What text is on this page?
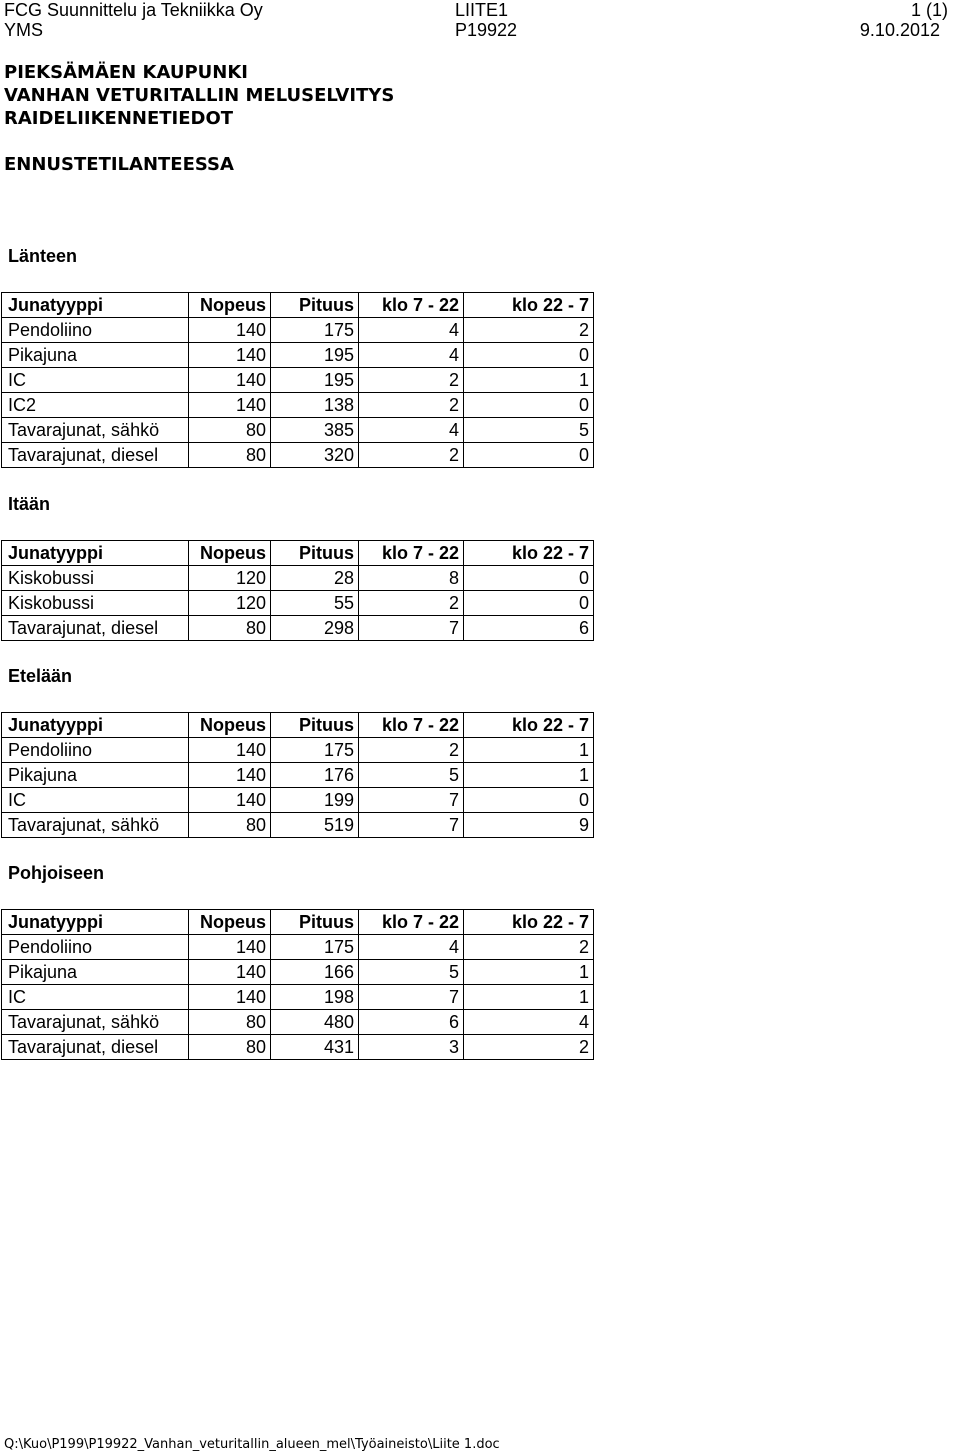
FCG Suunnittelu ja Tekniikka Oy
YMS
LIITE1
P19922
1 (1)
9.10.2012
PIEKSÄMÄEN KAUPUNKI
VANHAN VETURITALLIN MELUSELVITYS
RAIDELIIKENNETIEDOT
ENNUSTETILANTEESSA
Länteen
Junatyyppi	Nopeus	Pituus	klo 7 - 22	klo 22 - 7
Pendoliino	140	175	4	2
Pikajuna	140	195	4	0
IC	140	195	2	1
IC2	140	138	2	0
Tavarajunat, sähkö	80	385	4	5
Tavarajunat, diesel	80	320	2	0
Itään
Junatyyppi	Nopeus	Pituus	klo 7 - 22	klo 22 - 7
Kiskobussi	120	28	8	0
Kiskobussi	120	55	2	0
Tavarajunat, diesel	80	298	7	6
Etelään
Junatyyppi	Nopeus	Pituus	klo 7 - 22	klo 22 - 7
Pendoliino	140	175	2	1
Pikajuna	140	176	5	1
IC	140	199	7	0
Tavarajunat, sähkö	80	519	7	9
Pohjoiseen
Junatyyppi	Nopeus	Pituus	klo 7 - 22	klo 22 - 7
Pendoliino	140	175	4	2
Pikajuna	140	166	5	1
IC	140	198	7	1
Tavarajunat, sähkö	80	480	6	4
Tavarajunat, diesel	80	431	3	2
Q:\Kuo\P199\P19922_Vanhan_veturitallin_alueen_mel\Työaineisto\Liite 1.doc
